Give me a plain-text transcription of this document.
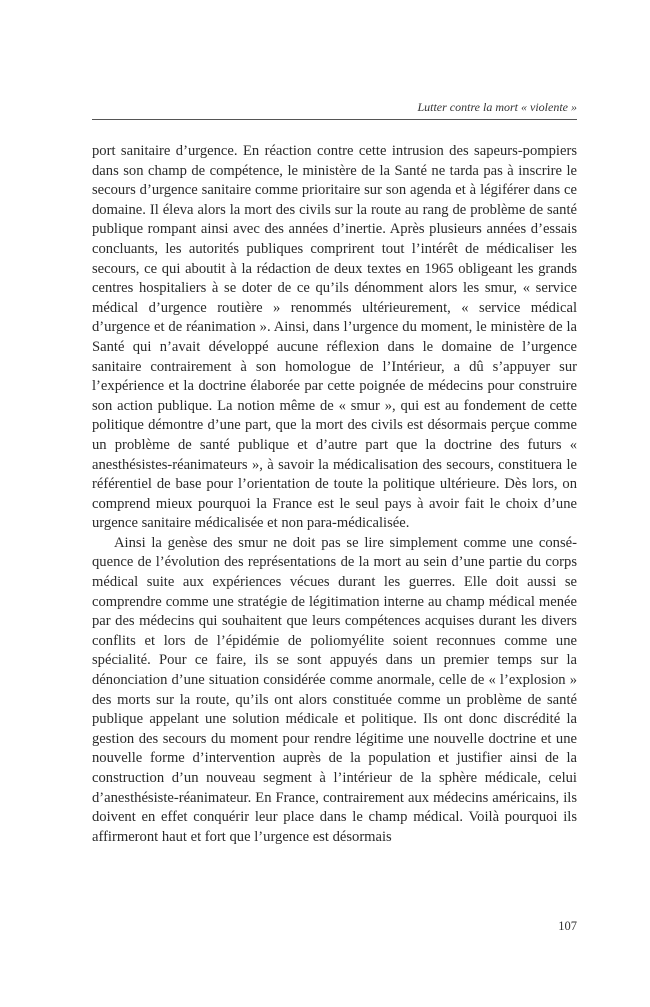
Lutter contre la mort « violente »

port sanitaire d’urgence. En réaction contre cette intrusion des sapeurs-pompiers dans son champ de compétence, le ministère de la Santé ne tarda pas à inscrire le secours d’urgence sanitaire comme prioritaire sur son agenda et à légiférer dans ce domaine. Il éleva alors la mort des civils sur la route au rang de problème de santé publique rompant ainsi avec des années d’inertie. Après plusieurs années d’essais concluants, les autorités publiques comprirent tout l’intérêt de médicaliser les secours, ce qui aboutit à la rédaction de deux textes en 1965 obligeant les grands centres hospitaliers à se doter de ce qu’ils dénomment alors les smur, « service médical d’urgence routière » renommés ultérieurement, « service médical d’urgence et de réanimation ». Ainsi, dans l’urgence du moment, le ministère de la Santé qui n’avait développé aucune réflexion dans le domaine de l’urgence sanitaire contrairement à son homologue de l’Intérieur, a dû s’appuyer sur l’expérience et la doctrine élaborée par cette poignée de médecins pour construire son action publique. La notion même de « smur », qui est au fondement de cette politique démontre d’une part, que la mort des civils est désormais perçue comme un problème de santé publique et d’autre part que la doctrine des futurs « anesthésistes-réanimateurs », à savoir la médicalisation des secours, constituera le référentiel de base pour l’orientation de toute la politique ultérieure. Dès lors, on comprend mieux pourquoi la France est le seul pays à avoir fait le choix d’une urgence sanitaire médicalisée et non para-médicalisée.

Ainsi la genèse des smur ne doit pas se lire simplement comme une conséquence de l’évolution des représentations de la mort au sein d’une partie du corps médical suite aux expériences vécues durant les guerres. Elle doit aussi se comprendre comme une stratégie de légitimation interne au champ médical menée par des médecins qui souhaitent que leurs compétences acquises durant les divers conflits et lors de l’épidémie de poliomyélite soient reconnues comme une spécialité. Pour ce faire, ils se sont appuyés dans un premier temps sur la dénonciation d’une situation considérée comme anormale, celle de « l’explosion » des morts sur la route, qu’ils ont alors constituée comme un problème de santé publique appelant une solution médicale et politique. Ils ont donc discrédité la gestion des secours du moment pour rendre légitime une nouvelle doctrine et une nouvelle forme d’intervention auprès de la population et justifier ainsi de la construction d’un nouveau segment à l’intérieur de la sphère médicale, celui d’anesthésiste-réanimateur. En France, contrairement aux médecins américains, ils doivent en effet conquérir leur place dans le champ médical. Voilà pourquoi ils affirmeront haut et fort que l’urgence est désormais

107
